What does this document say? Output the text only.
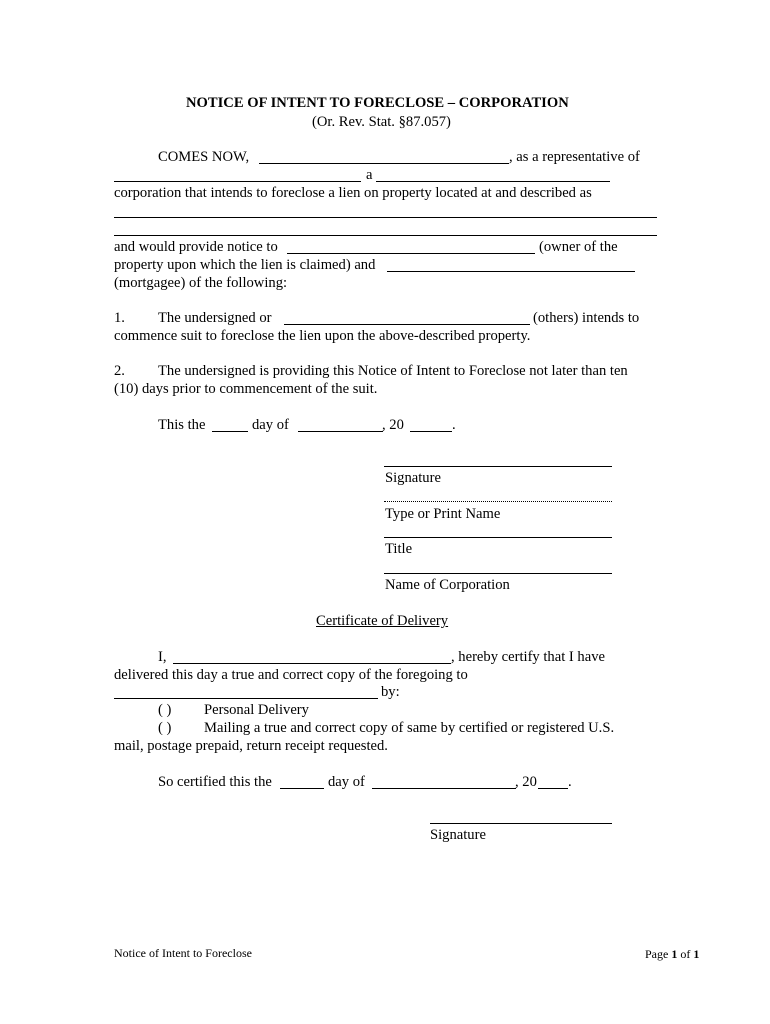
NOTICE OF INTENT TO FORECLOSE – CORPORATION
(Or. Rev. Stat. §87.057)
COMES NOW,	, as a representative of
a
corporation that intends to foreclose a lien on property located at and described as
and would provide notice to	(owner of the
property upon which the lien is claimed) and
(mortgagee) of the following:
1. The undersigned or	(others) intends to
commence suit to foreclose the lien upon the above-described property.
2. The undersigned is providing this Notice of Intent to Foreclose not later than ten
(10) days prior to commencement of the suit.
This the	day of	, 20	.
Signature
Type or Print Name
Title
Name of Corporation
Certificate of Delivery
I,	, hereby certify that I have
delivered this day a true and correct copy of the foregoing to
by:
( ) Personal Delivery
( ) Mailing a true and correct copy of same by certified or registered U.S.
mail, postage prepaid, return receipt requested.
So certified this the	day of	, 20 .
Signature
Notice of Intent to Foreclose	Page 1 of 1
